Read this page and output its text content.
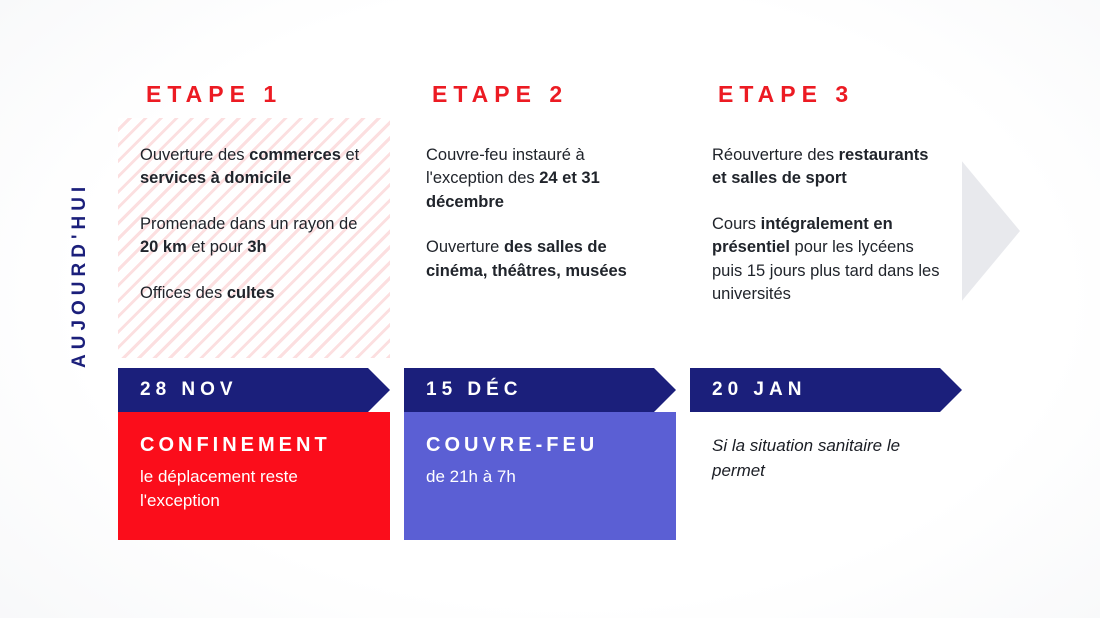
AUJOURD'HUI
ETAPE 1

Ouverture des commerces et services à domicile

Promenade dans un rayon de 20 km et pour 3h

Offices des cultes

28 NOV

CONFINEMENT

le déplacement reste l'exception

ETAPE 2

Couvre-feu instauré à l'exception des 24 et 31 décembre

Ouverture des salles de cinéma, théâtres, musées

15 DÉC

COUVRE-FEU

de 21h à 7h

ETAPE 3

Réouverture des restaurants et salles de sport

Cours intégralement en présentiel pour les lycéens puis 15 jours plus tard dans les universités

20 JAN

Si la situation sanitaire le permet
